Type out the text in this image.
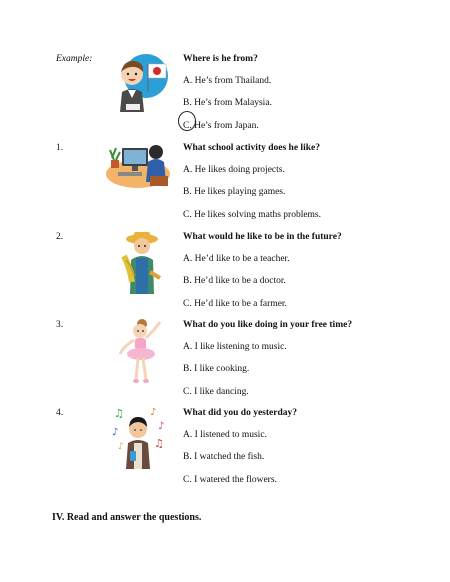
Example:	Where is he from?
A. He’s from Thailand.
B. He’s from Malaysia.
C. He’s from Japan.
1.	What school activity does he like?
A. He likes doing projects.
B. He likes playing games.
C. He likes solving maths problems.
2.	What would he like to be in the future?
A. He’d like to be a teacher.
B. He’d like to be a doctor.
C. He’d like to be a farmer.
3.	What do you like doing in your free time?
A. I like listening to music.
B. I like cooking.
C. I like dancing.
4.	What did you do yesterday?
A. I listened to music.
B. I watched the fish.
C. I watered the flowers.
♫	♪
♪
♪
♫
♪
IV. Read and answer the questions.
